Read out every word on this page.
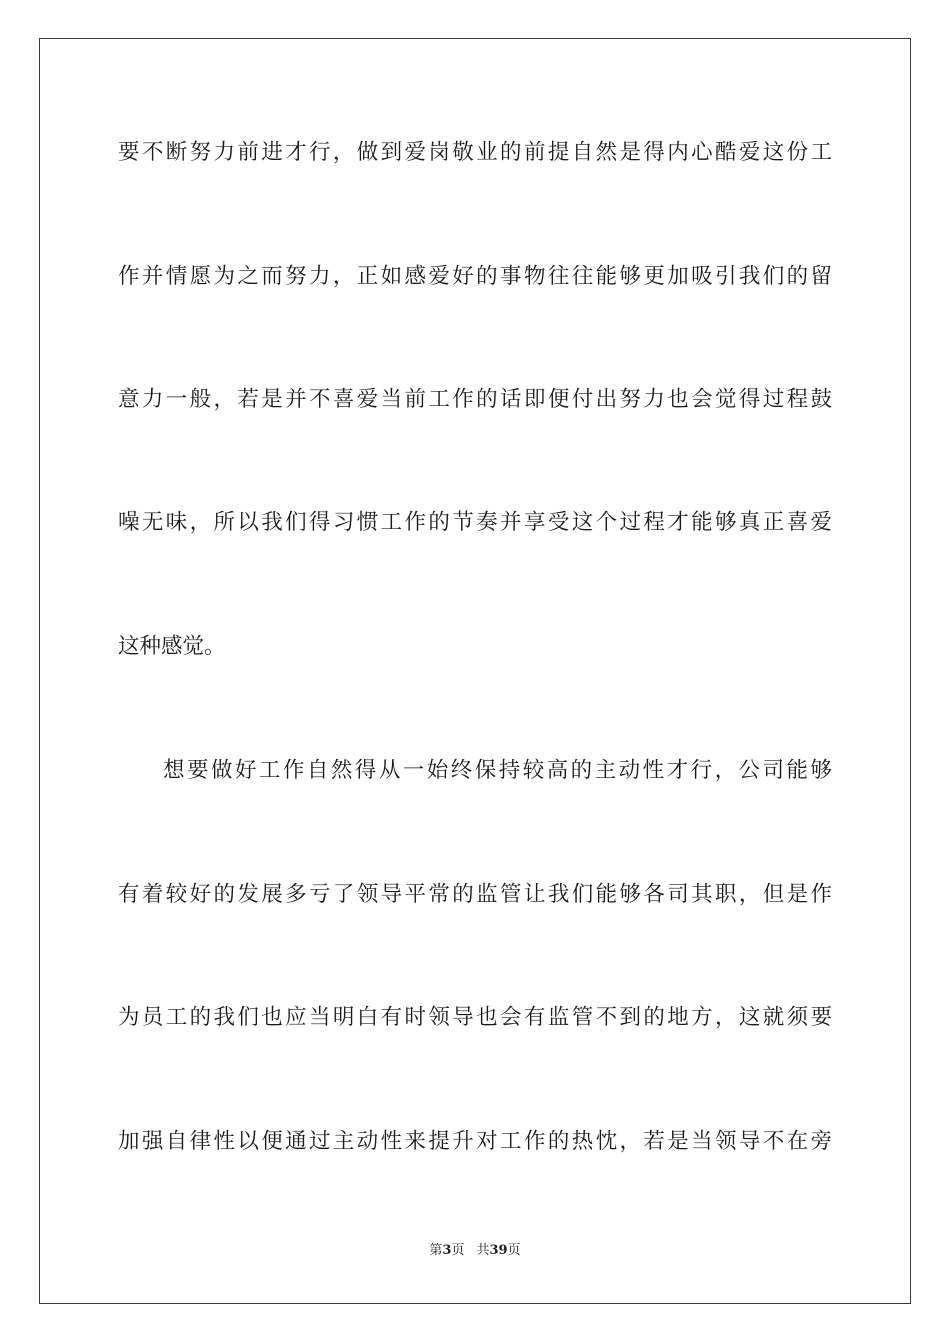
要不断努力前进才行，做到爱岗敬业的前提自然是得内心酷爱这份工
作并情愿为之而努力，正如感爱好的事物往往能够更加吸引我们的留
意力一般，若是并不喜爱当前工作的话即便付出努力也会觉得过程鼓
噪无味，所以我们得习惯工作的节奏并享受这个过程才能够真正喜爱
这种感觉。
想要做好工作自然得从一始终保持较高的主动性才行，公司能够
有着较好的发展多亏了领导平常的监管让我们能够各司其职，但是作
为员工的我们也应当明白有时领导也会有监管不到的地方，这就须要
加强自律性以便通过主动性来提升对工作的热忱，若是当领导不在旁
第3页 共39页
